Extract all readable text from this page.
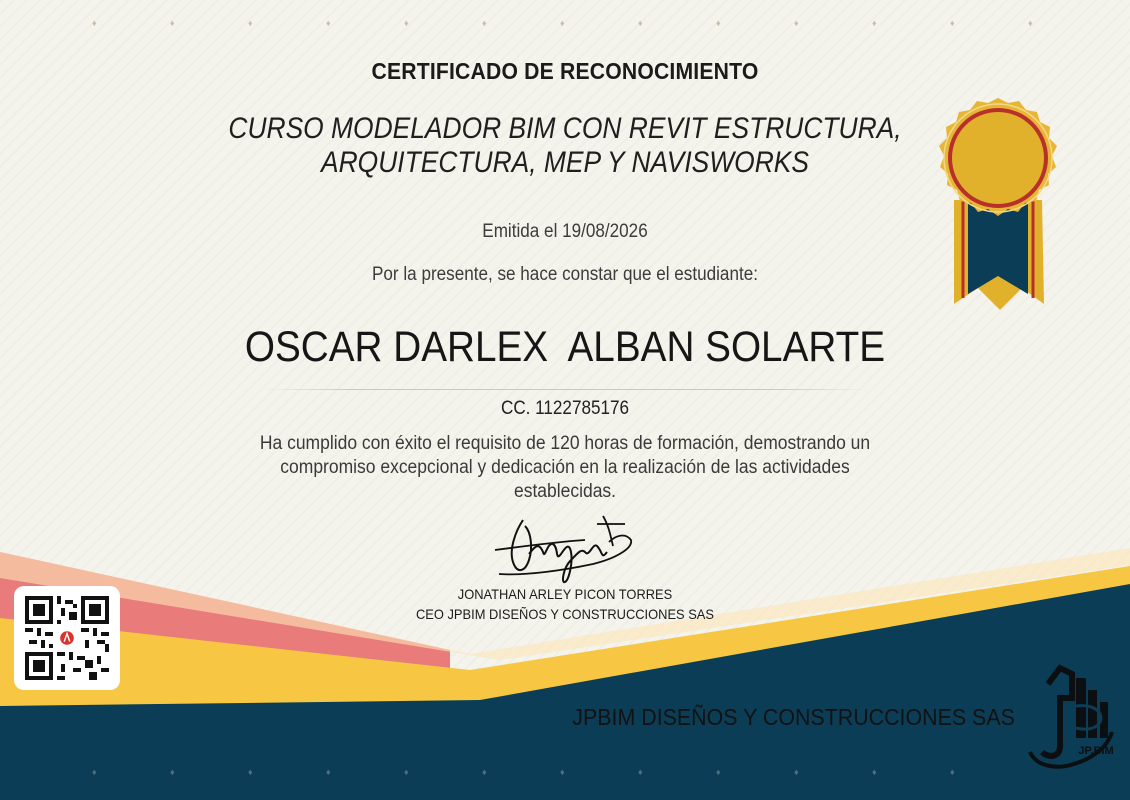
♦	♦	♦	♦	♦	♦	♦	♦	♦	♦	♦	♦	♦
♦	♦	♦	♦	♦	♦	♦	♦	♦	♦	♦	♦
CERTIFICADO DE RECONOCIMIENTO
CURSO MODELADOR BIM CON REVIT ESTRUCTURA,
ARQUITECTURA, MEP Y NAVISWORKS
Emitida el 19/08/2026
Por la presente, se hace constar que el estudiante:
OSCAR DARLEX  ALBAN SOLARTE
CC. 1122785176
Ha cumplido con éxito el requisito de 120 horas de formación, demostrando un compromiso excepcional y dedicación en la realización de las actividades establecidas.
JONATHAN ARLEY PICON TORRES
CEO JPBIM DISEÑOS Y CONSTRUCCIONES SAS
JPBIM DISEÑOS Y CONSTRUCCIONES SAS
JP.BIM
